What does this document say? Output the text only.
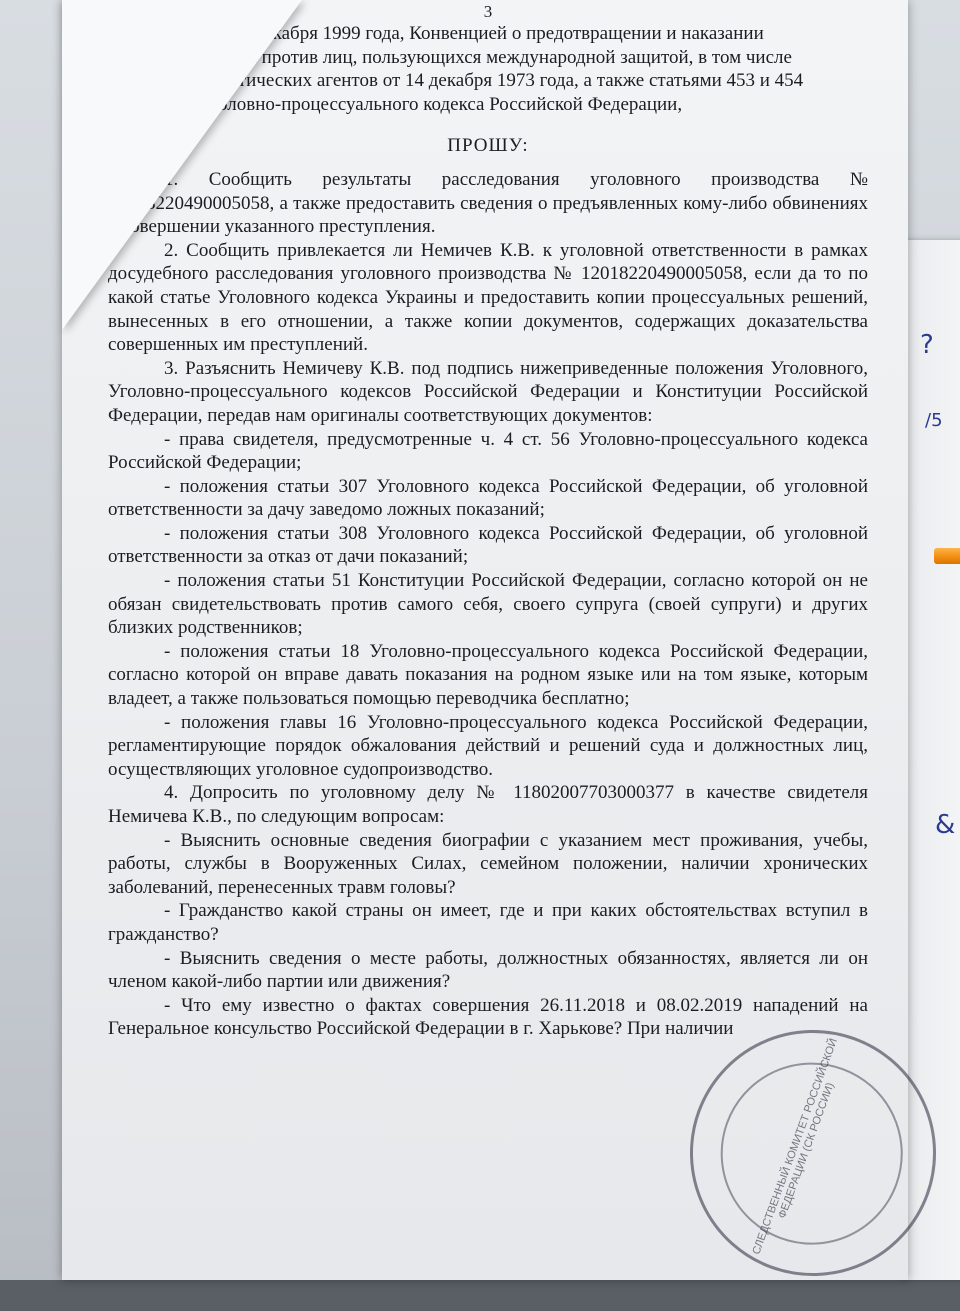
3

от 9 декабря 1999 года, Конвенцией о предотвращении и наказании

ений против лиц, пользующихся международной защитой, в том числе

матических агентов от 14 декабря 1973 года, а также статьями 453 и 454

оловно-процессуального кодекса Российской Федерации,

ПРОШУ:

1. Сообщить результаты расследования уголовного производства № 12018220490005058, а также предоставить сведения о предъявленных кому-либо обвинениях в совершении указанного преступления.

2. Сообщить привлекается ли Немичев К.В. к уголовной ответственности в рамках досудебного расследования уголовного производства № 12018220490005058, если да то по какой статье Уголовного кодекса Украины и предоставить копии процессуальных решений, вынесенных в его отношении, а также копии документов, содержащих доказательства совершенных им преступлений.

3. Разъяснить Немичеву К.В. под подпись нижеприведенные положения Уголовного, Уголовно-процессуального кодексов Российской Федерации и Конституции Российской Федерации, передав нам оригиналы соответствующих документов:

- права свидетеля, предусмотренные ч. 4 ст. 56 Уголовно-процессуального кодекса Российской Федерации;

- положения статьи 307 Уголовного кодекса Российской Федерации, об уголовной ответственности за дачу заведомо ложных показаний;

- положения статьи 308 Уголовного кодекса Российской Федерации, об уголовной ответственности за отказ от дачи показаний;

- положения статьи 51 Конституции Российской Федерации, согласно которой он не обязан свидетельствовать против самого себя, своего супруга (своей супруги) и других близких родственников;

- положения статьи 18 Уголовно-процессуального кодекса Российской Федерации, согласно которой он вправе давать показания на родном языке или на том языке, которым владеет, а также пользоваться помощью переводчика бесплатно;

- положения главы 16 Уголовно-процессуального кодекса Российской Федерации, регламентирующие порядок обжалования действий и решений суда и должностных лиц, осуществляющих уголовное судопроизводство.

4. Допросить по уголовному делу № 11802007703000377 в качестве свидетеля Немичева К.В., по следующим вопросам:

- Выяснить основные сведения биографии с указанием мест проживания, учебы, работы, службы в Вооруженных Силах, семейном положении, наличии хронических заболеваний, перенесенных травм головы?

- Гражданство какой страны он имеет, где и при каких обстоятельствах вступил в гражданство?

- Выяснить сведения о месте работы, должностных обязанностях, является ли он членом какой-либо партии или движения?

- Что ему известно о фактах совершения 26.11.2018 и 08.02.2019 нападений на Генеральное консульство Российской Федерации в г. Харькове? При наличии

СЛЕДСТВЕННЫЙ КОМИТЕТ РОССИЙСКОЙ ФЕДЕРАЦИИ (СК РОССИИ)
?
/5
&
